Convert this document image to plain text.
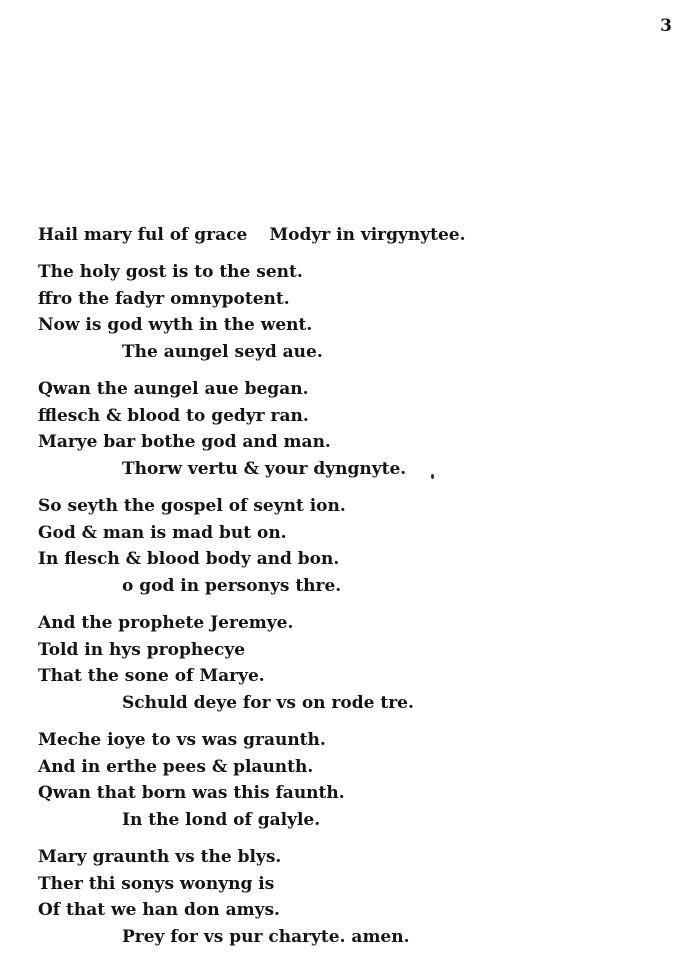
3
Hail mary ful of grace Modyr in virgynytee.
The holy gost is to the sent.
ffro the fadyr omnypotent.
Now is god wyth in the went.
The aungel seyd aue.
Qwan the aungel aue began.
fflesch & blood to gedyr ran.
Marye bar bothe god and man.
Thorw vertu & your dyngnyte.
So seyth the gospel of seynt ion.
God & man is mad but on.
In flesch & blood body and bon.
o god in personys thre.
And the prophete Jeremye.
Told in hys prophecye
That the sone of Marye.
Schuld deye for vs on rode tre.
Meche ioye to vs was graunth.
And in erthe pees & plaunth.
Qwan that born was this faunth.
In the lond of galyle.
Mary graunth vs the blys.
Ther thi sonys wonyng is
Of that we han don amys.
Prey for vs pur charyte. amen.
